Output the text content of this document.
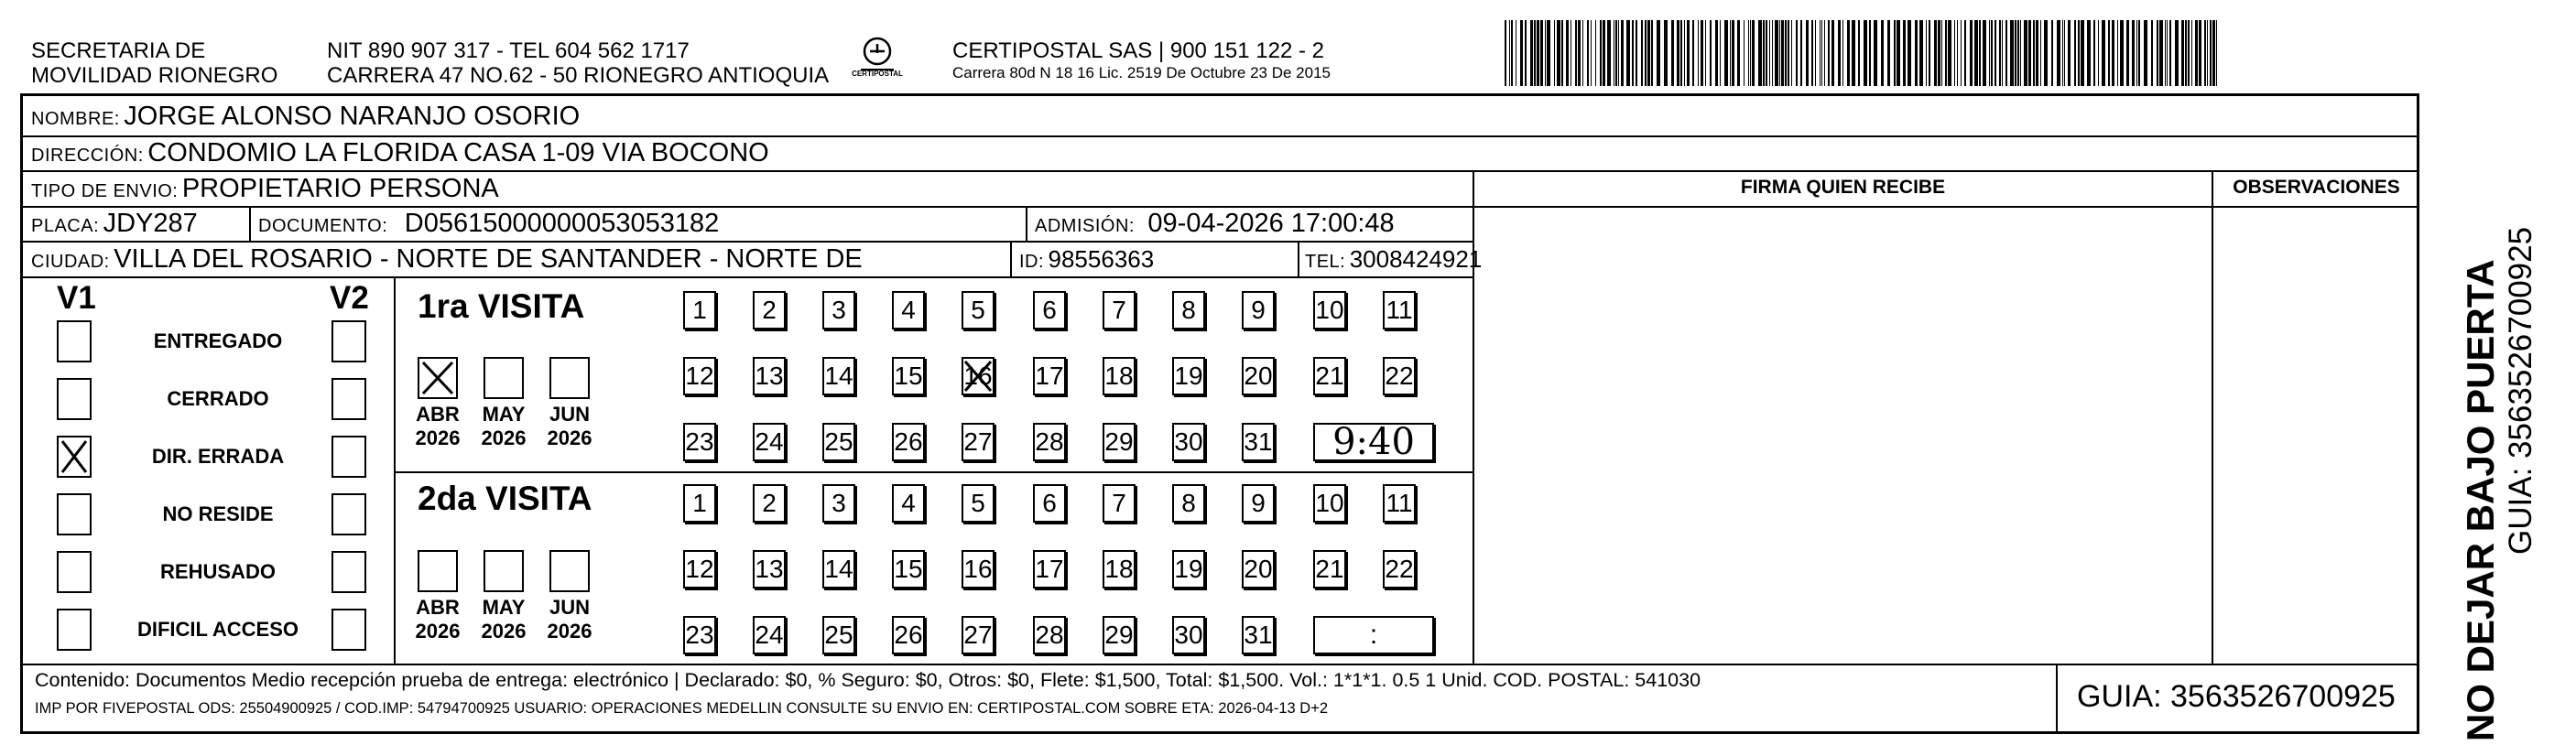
SECRETARIA DE
MOVILIDAD RIONEGRO
NIT 890 907 317 - TEL 604 562 1717
CARRERA 47 NO.62 - 50 RIONEGRO ANTIOQUIA	CERTIPOSTAL
CERTIPOSTAL SAS | 900 151 122 - 2
Carrera 80d N 18 16 Lic. 2519 De Octubre 23 De 2015
NOMBRE: JORGE ALONSO NARANJO OSORIO
DIRECCIÓN: CONDOMIO LA FLORIDA CASA 1-09 VIA BOCONO
TIPO DE ENVIO: PROPIETARIO PERSONA
PLACA: JDY287	DOCUMENTO: D05615000000053053182	ADMISIÓN: 09-04-2026 17:00:48
CIUDAD: VILLA DEL ROSARIO - NORTE DE SANTANDER - NORTE DE	ID: 98556363	TEL: 3008424921
FIRMA QUIEN RECIBE	OBSERVACIONES
V1	V2
ENTREGADO
CERRADO
DIR. ERRADA
NO RESIDE
REHUSADO
DIFICIL ACCESO
1ra VISITA
2da VISITA
ABR
2026
MAY
2026
JUN
2026
1	2	3	4	5	6	7	8	9	10 11
12 13 14 15 16 17 18 19 20 21 22
23 24 25 26 27 28 29 30 31	9:40
ABR
2026
MAY
2026
JUN
2026
1	2	3	4	5	6	7	8	9	10 11
12 13 14 15 16 17 18 19 20 21 22
23 24 25 26 27 28 29 30 31	:
Contenido: Documentos Medio recepción prueba de entrega: electrónico | Declarado: $0, % Seguro: $0, Otros: $0, Flete: $1,500, Total: $1,500. Vol.: 1*1*1. 0.5 1 Unid. COD. POSTAL: 541030
IMP POR FIVEPOSTAL ODS: 25504900925 / COD.IMP: 54794700925 USUARIO: OPERACIONES MEDELLIN CONSULTE SU ENVIO EN: CERTIPOSTAL.COM SOBRE ETA: 2026-04-13 D+2	GUIA: 3563526700925 NO DEJAR BAJO PUERTA GUIA: 3563526700925
